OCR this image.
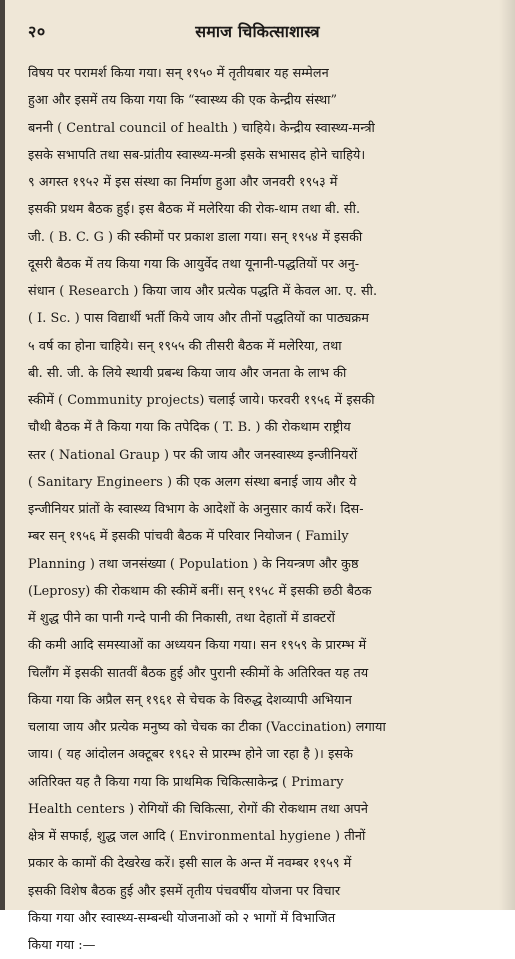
२०	समाज चिकित्साशास्त्र
विषय पर परामर्श किया गया। सन् १९५० में तृतीयबार यह सम्मेलन
हुआ और इसमें तय किया गया कि “स्वास्थ्य की एक केन्द्रीय संस्था”
बननी ( Central council of health ) चाहिये। केन्द्रीय स्वास्थ्य-मन्त्री
इसके सभापति तथा सब-प्रांतीय स्वास्थ्य-मन्त्री इसके सभासद होने चाहिये।
९ अगस्त १९५२ में इस संस्था का निर्माण हुआ और जनवरी १९५३ में
इसकी प्रथम बैठक हुई। इस बैठक में मलेरिया की रोक-थाम तथा बी. सी.
जी. ( B. C. G ) की स्कीमों पर प्रकाश डाला गया। सन् १९५४ में इसकी
दूसरी बैठक में तय किया गया कि आयुर्वेद तथा यूनानी-पद्धतियों पर अनु-
संधान ( Research ) किया जाय और प्रत्येक पद्धति में केवल आ. ए. सी.
( I. Sc. ) पास विद्यार्थी भर्ती किये जाय और तीनों पद्धतियों का पाठ्यक्रम
५ वर्ष का होना चाहिये। सन् १९५५ की तीसरी बैठक में मलेरिया, तथा
बी. सी. जी. के लिये स्थायी प्रबन्ध किया जाय और जनता के लाभ की
स्कीमें ( Community projects) चलाई जाये। फरवरी १९५६ में इसकी
चौथी बैठक में तै किया गया कि तपेदिक ( T. B. ) की रोकथाम राष्ट्रीय
स्तर ( National Graup ) पर की जाय और जनस्वास्थ्य इन्जीनियरों
( Sanitary Engineers ) की एक अलग संस्था बनाई जाय और ये
इन्जीनियर प्रांतों के स्वास्थ्य विभाग के आदेशों के अनुसार कार्य करें। दिस-
म्बर सन् १९५६ में इसकी पांचवी बैठक में परिवार नियोजन ( Family
Planning ) तथा जनसंख्या ( Population ) के नियन्त्रण और कुष्ठ
(Leprosy) की रोकथाम की स्कीमें बनीं। सन् १९५८ में इसकी छठी बैठक
में शुद्ध पीने का पानी गन्दे पानी की निकासी, तथा देहातों में डाक्टरों
की कमी आदि समस्याओं का अध्ययन किया गया। सन १९५९ के प्रारम्भ में
चिलौंग में इसकी सातवीं बैठक हुई और पुरानी स्कीमों के अतिरिक्त यह तय
किया गया कि अप्रैल सन् १९६१ से चेचक के विरुद्ध देशव्यापी अभियान
चलाया जाय और प्रत्येक मनुष्य को चेचक का टीका (Vaccination) लगाया
जाय। ( यह आंदोलन अक्टूबर १९६२ से प्रारम्भ होने जा रहा है )। इसके
अतिरिक्त यह तै किया गया कि प्राथमिक चिकित्साकेन्द्र ( Primary
Health centers ) रोगियों की चिकित्सा, रोगों की रोकथाम तथा अपने
क्षेत्र में सफाई, शुद्ध जल आदि ( Environmental hygiene ) तीनों
प्रकार के कामों की देखरेख करें। इसी साल के अन्त में नवम्बर १९५९ में
इसकी विशेष बैठक हुई और इसमें तृतीय पंचवर्षीय योजना पर विचार
किया गया और स्वास्थ्य-सम्बन्धी योजनाओं को २ भागों में विभाजित
किया गया :—
